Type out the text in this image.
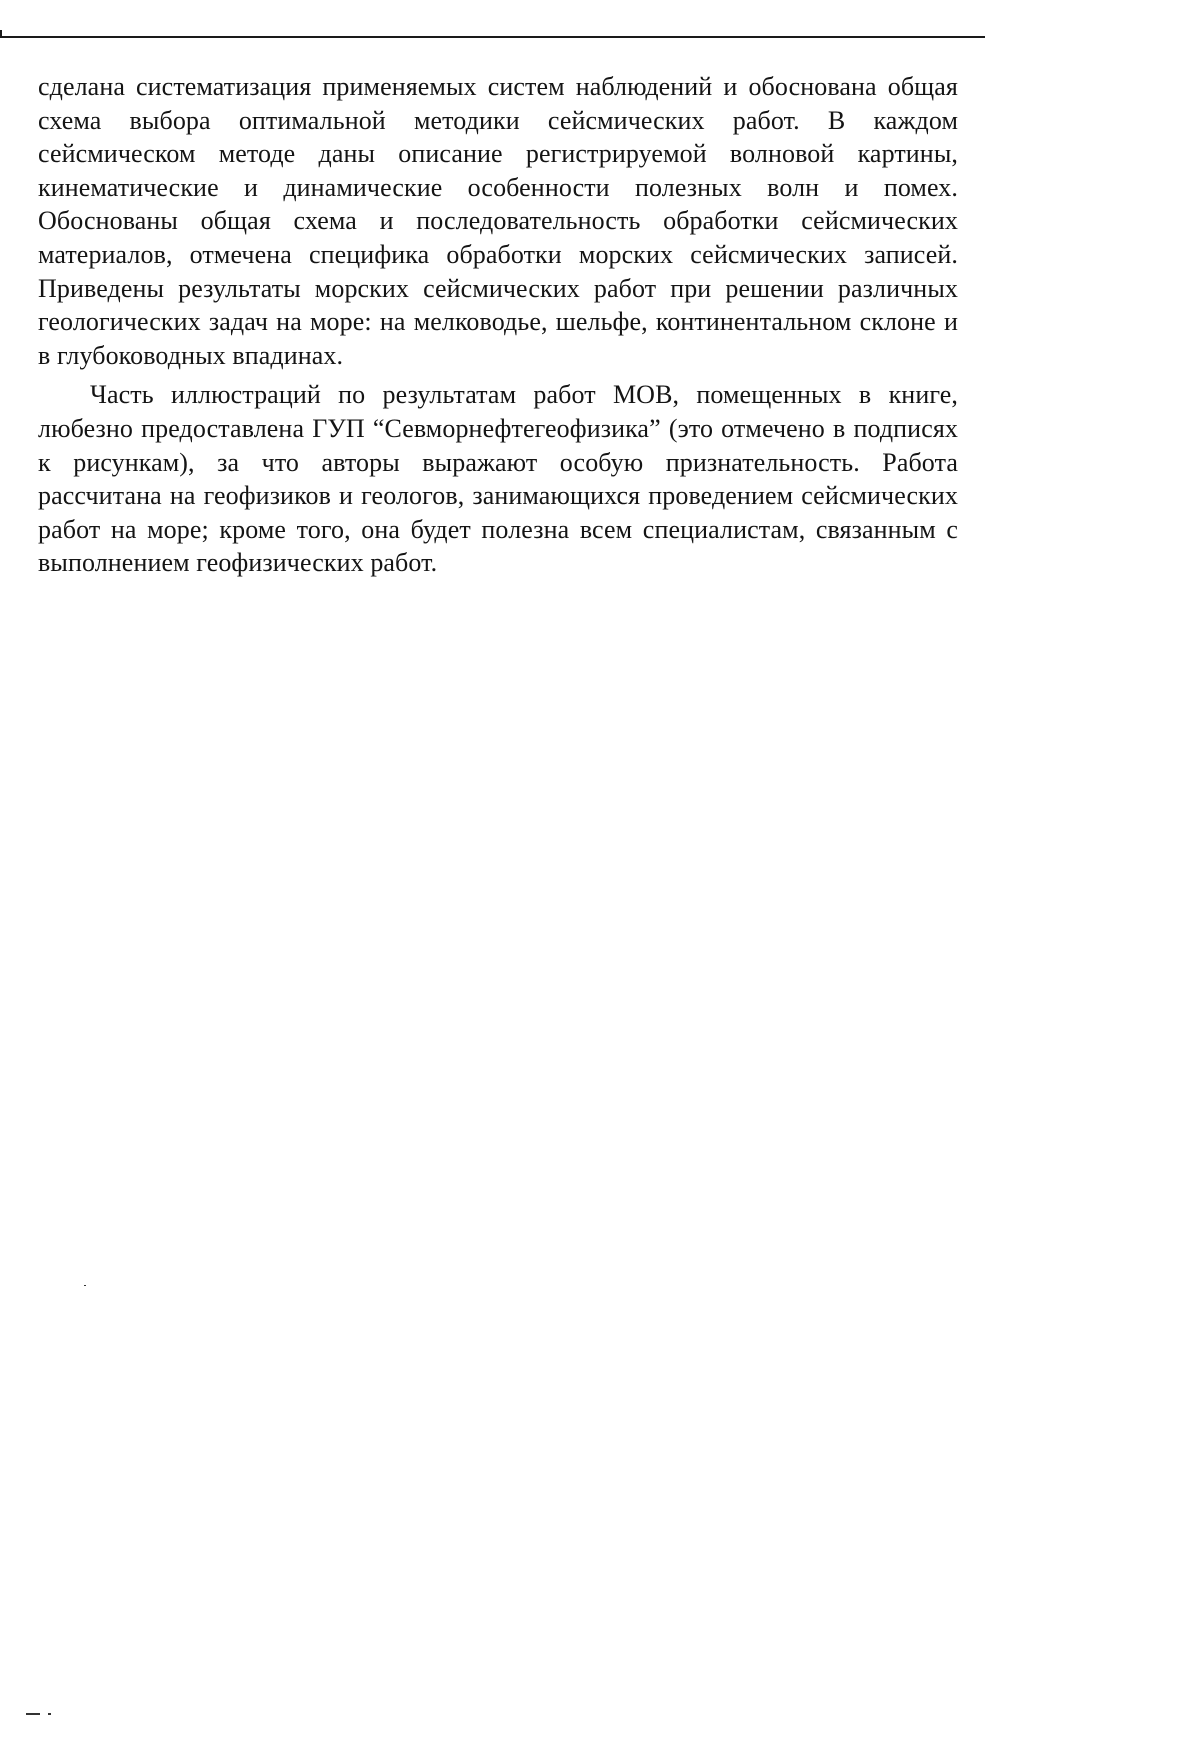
сделана систематизация применяемых систем наблюдений и обоснована общая схема выбора оптимальной методики сейсмических работ. В каждом сейсмическом методе даны описание регистрируемой волновой картины, кинематические и динамические особенности полезных волн и помех. Обоснованы общая схема и последовательность обработки сейсмических материалов, отмечена специфика обработки морских сейсмических записей. Приведены результаты морских сейсмических работ при решении различных геологических задач на море: на мелководье, шельфе, континентальном склоне и в глубоководных впадинах.

Часть иллюстраций по результатам работ МОВ, помещенных в книге, любезно предоставлена ГУП “Севморнефтегеофизика” (это отмечено в подписях к рисункам), за что авторы выражают особую признательность. Работа рассчитана на геофизиков и геологов, занимающихся проведением сейсмических работ на море; кроме того, она будет полезна всем специалистам, связанным с выполнением геофизических работ.
